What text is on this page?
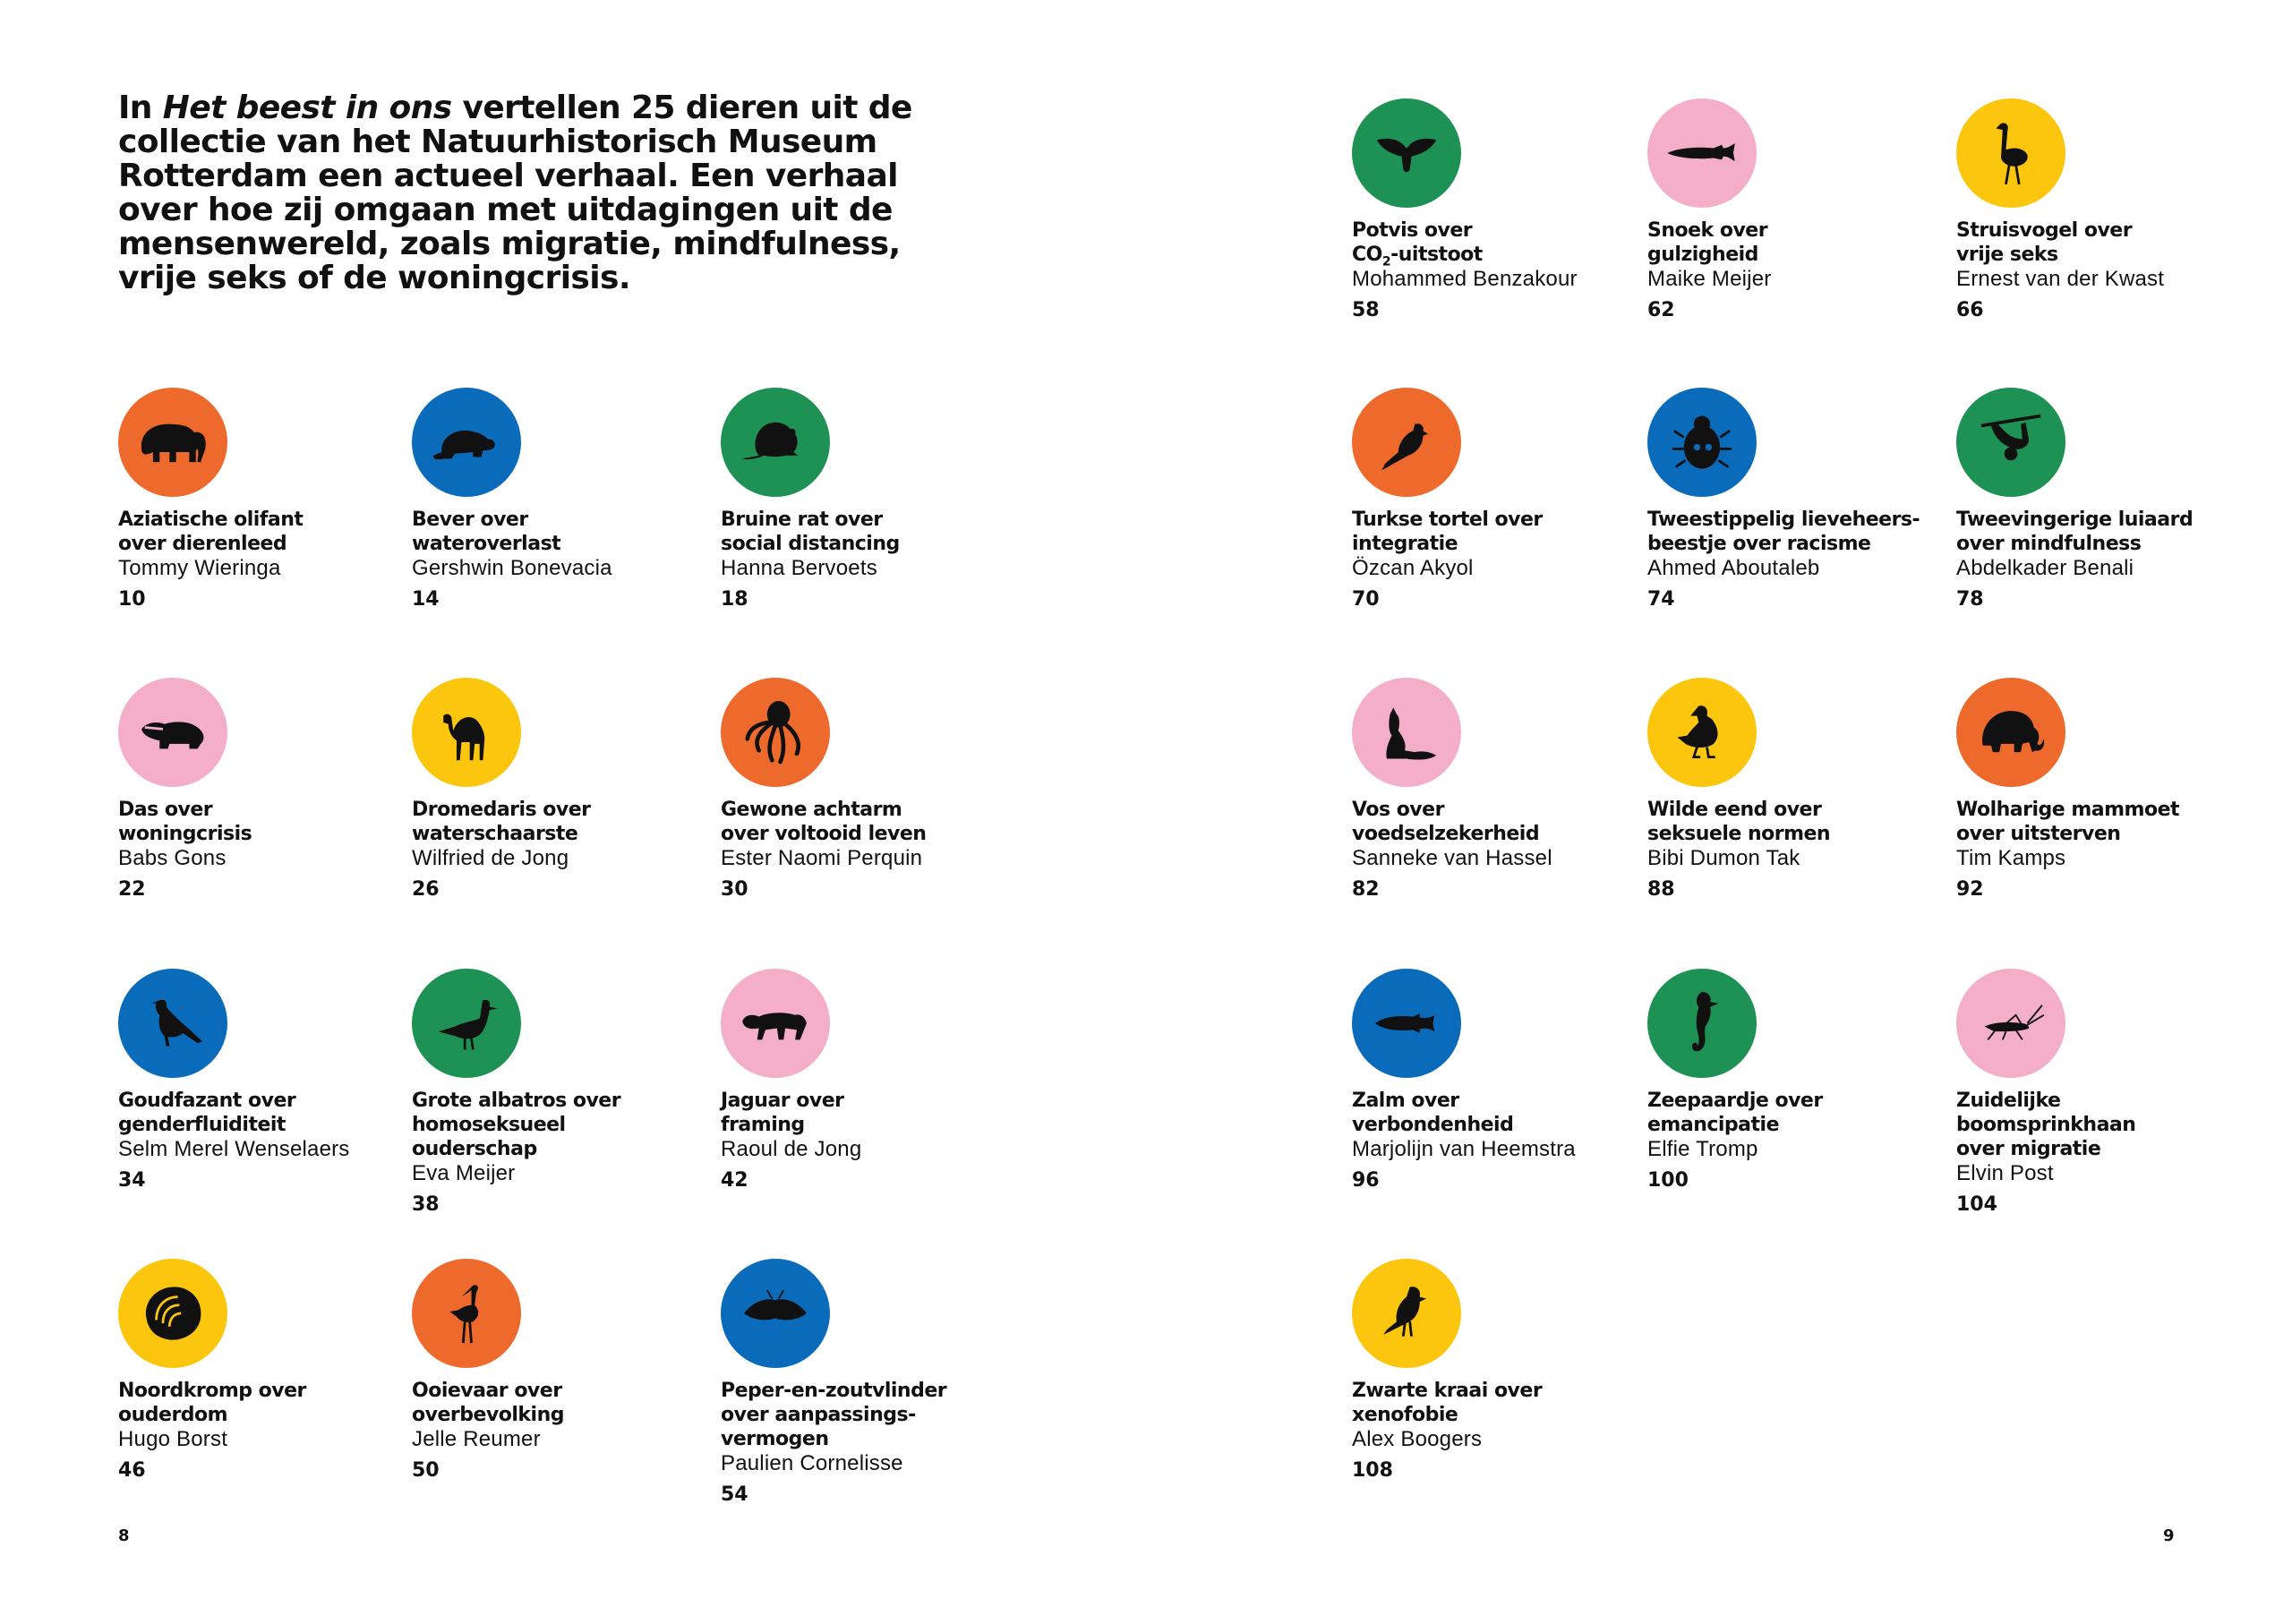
In Het beest in ons vertellen 25 dieren uit de collectie van het Natuurhistorisch Museum Rotterdam een actueel verhaal. Een verhaal over hoe zij omgaan met uitdagingen uit de mensenwereld, zoals migratie, mindfulness, vrije seks of de woningcrisis.

Aziatische olifant
over dierenleed
Tommy Wieringa
10
Bever over
wateroverlast
Gershwin Bonevacia
14
Bruine rat over
social distancing
Hanna Bervoets
18
Das over
woningcrisis
Babs Gons
22
Dromedaris over
waterschaarste
Wilfried de Jong
26
Gewone achtarm
over voltooid leven
Ester Naomi Perquin
30
Goudfazant over
genderfluiditeit
Selm Merel Wenselaers
34
Grote albatros over
homoseksueel
ouderschap
Eva Meijer
38
Jaguar over
framing
Raoul de Jong
42
Noordkromp over
ouderdom
Hugo Borst
46
Ooievaar over
overbevolking
Jelle Reumer
50
Peper-en-zoutvlinder
over aanpassings-
vermogen
Paulien Cornelisse
54
8
Potvis over
$CO_2$-uitstoot
Mohammed Benzakour
58
Snoek over
gulzigheid
Maike Meijer
62
Struisvogel over
vrije seks
Ernest van der Kwast
66
Turkse tortel over
integratie
Özcan Akyol
70
Tweestippelig lieveheers-
beestje over racisme
Ahmed Aboutaleb
74
Tweevingerige luiaard
over mindfulness
Abdelkader Benali
78
Vos over
voedselzekerheid
Sanneke van Hassel
82
Wilde eend over
seksuele normen
Bibi Dumon Tak
88
Wolharige mammoet
over uitsterven
Tim Kamps
92
Zalm over
verbondenheid
Marjolijn van Heemstra
96
Zeepaardje over
emancipatie
Elfie Tromp
100
Zuidelijke
boomsprinkhaan
over migratie
Elvin Post
104
Zwarte kraai over
xenofobie
Alex Boogers
108
9
